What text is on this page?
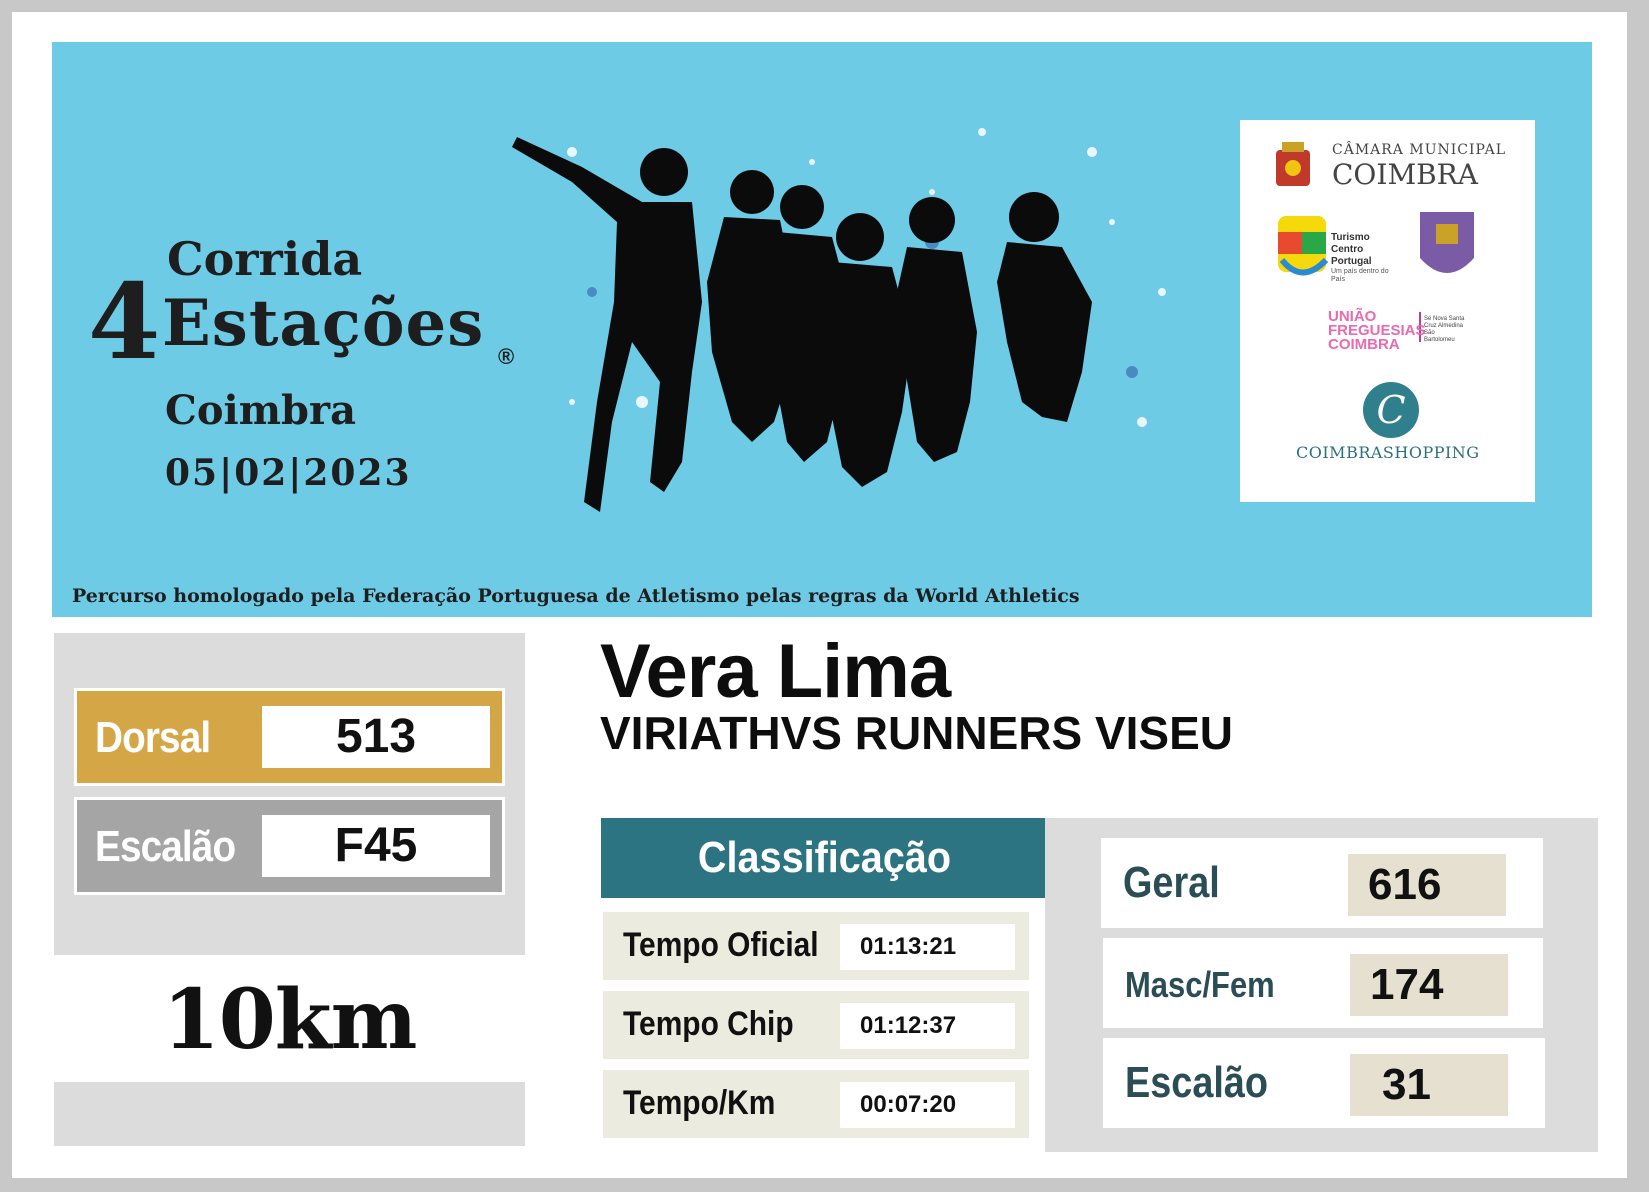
Corrida
4 Estações ®
Coimbra
05|02|2023
Percurso homologado pela Federação Portuguesa de Atletismo pelas regras da World Athletics
CÂMARA MUNICIPAL
COIMBRA
Turismo Centro Portugal
Um país dentro do País
UNIÃO FREGUESIAS COIMBRA
Sé Nova Santa Cruz Almedina São Bartolomeu
C
COIMBRASHOPPING
Dorsal	513
Escalão	F45
10km
Vera Lima
VIRIATHVS RUNNERS VISEU
Classificação
Tempo Oficial	01:13:21
Tempo Chip	01:12:37
Tempo/Km	00:07:20
Geral	616
Masc/Fem	174
Escalão	31
